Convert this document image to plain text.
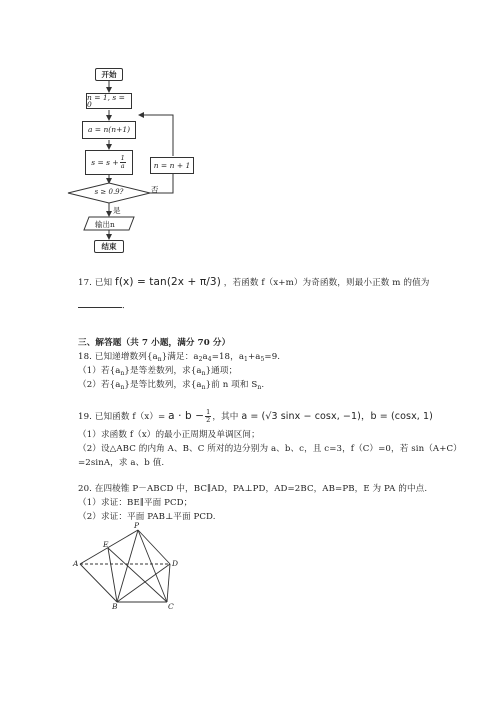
开始
n = 1, s = 0
a = n(n+1)
$s = s + \frac{1}{a}$	n = n + 1
s ≥ 0.9?	否
是
输出n
结束
17. 已知 f(x) = tan(2x + π/3) ，若函数 f（x+m）为奇函数，则最小正数 m 的值为
．
三、解答题（共 7 小题，满分 70 分）
18. 已知递增数列$\{a_n\}$满足：$a_2a_4=18$，$a_1+a_5=9$.
（1）若$\{a_n\}$是等差数列，求$\{a_n\}$通项；
（2）若$\{a_n\}$是等比数列，求$\{a_n\}$前 n 项和 $S_n$.
19. 已知函数 $f(x)= a \cdot b - \frac{1}{2}$ ，其中 a = (√3 sinx − cosx, −1)，b = (cosx, 1)
（1）求函数 f（x）的最小正周期及单调区间；
（2）设△ABC 的内角 A、B、C 所对的边分别为 a、b、c，且 c=3，f（C）=0，若 sin（A+C）
=2sinA，求 a、b 值.
20. 在四棱锥 P－ABCD 中，BC∥AD，PA⊥PD，AD=2BC，AB=PB，E 为 PA 的中点.
（1）求证：BE∥平面 PCD；
（2）求证：平面 PAB⊥平面 PCD.
P
E
A	D
B	C
